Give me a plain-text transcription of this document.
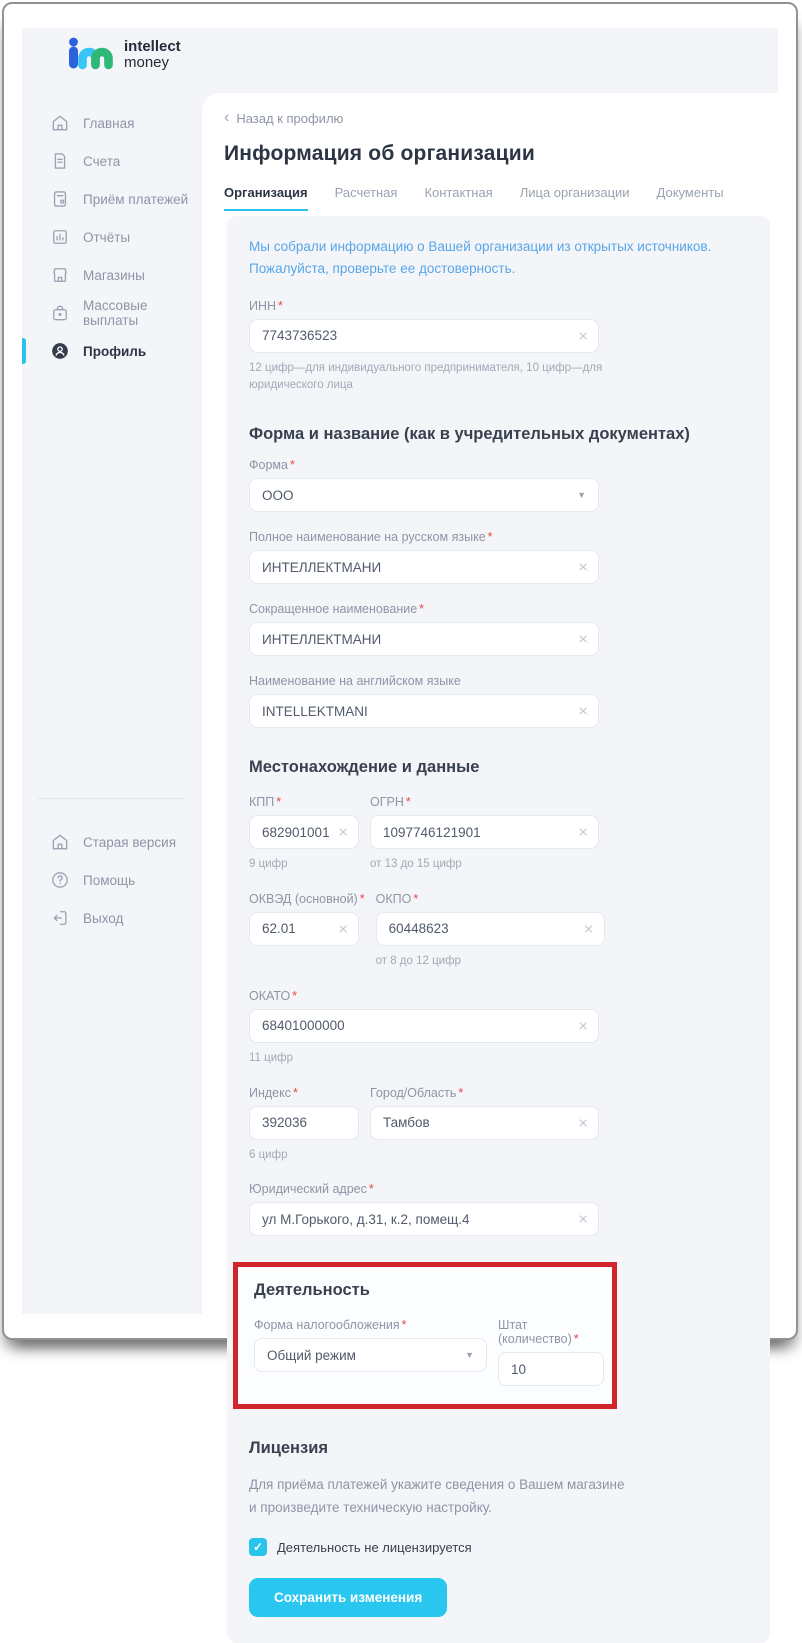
intellect
money
Главная
Счета
Приём платежей
Отчёты
Магазины
Массовые выплаты
Профиль
Старая версия
Помощь
Выход
‹ Назад к профилю
Информация об организации
Организация Расчетная Контактная Лица организации Документы
Мы собрали информацию о Вашей организации из открытых источников.
Пожалуйста, проверьте ее достоверность.
ИНН *
7743736523
×
12 цифр—для индивидуального предпринимателя, 10 цифр—для юридического лица
Форма и название (как в учредительных документах)
Форма *
ООО
▼
Полное наименование на русском языке *
ИНТЕЛЛЕКТМАНИ
×
Сокращенное наименование *
ИНТЕЛЛЕКТМАНИ
×
Наименование на английском языке
INTELLEKTMANI
×
Местонахождение и данные
КПП *
682901001
×
9 цифр
ОГРН *
1097746121901
×
от 13 до 15 цифр
ОКВЭД (основной) *
62.01
×
ОКПО *
60448623
×
от 8 до 12 цифр
ОКАТО *
68401000000
×
11 цифр
Индекс *
392036
6 цифр
Город/Область *
Тамбов
×
Юридический адрес *
ул М.Горького, д.31, к.2, помещ.4
×
Деятельность
Форма налогообложения *
Общий режим
▼
Штат (количество) *
10
Лицензия
Для приёма платежей укажите сведения о Вашем магазине
и произведите техническую настройку.
✓ Деятельность не лицензируется
Сохранить изменения
